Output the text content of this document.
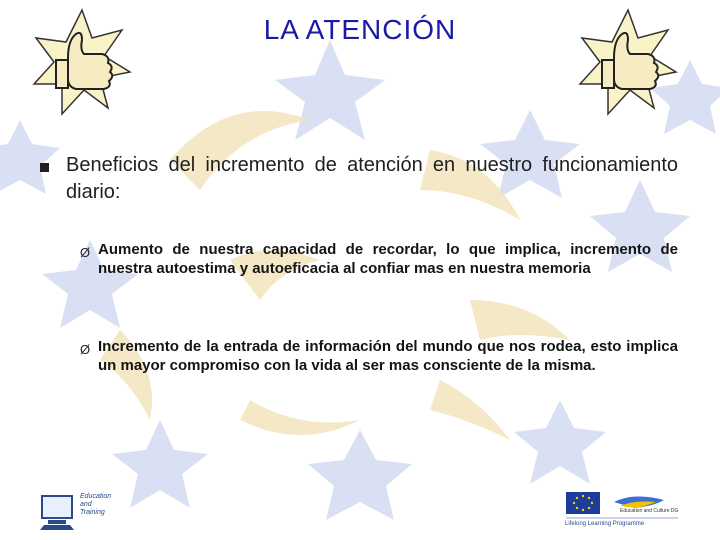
LA ATENCIÓN
Beneficios del incremento de atención en nuestro funcionamiento diario:
Ø Aumento de nuestra capacidad de recordar, lo que implica, incremento de nuestra autoestima y autoeficacia al confiar mas en nuestra memoria
Ø Incremento de la entrada de información del mundo que nos rodea, esto implica un mayor compromiso con la vida al ser mas consciente de la misma.
Education
and
Training	Education and Culture DG
Lifelong Learning Programme
